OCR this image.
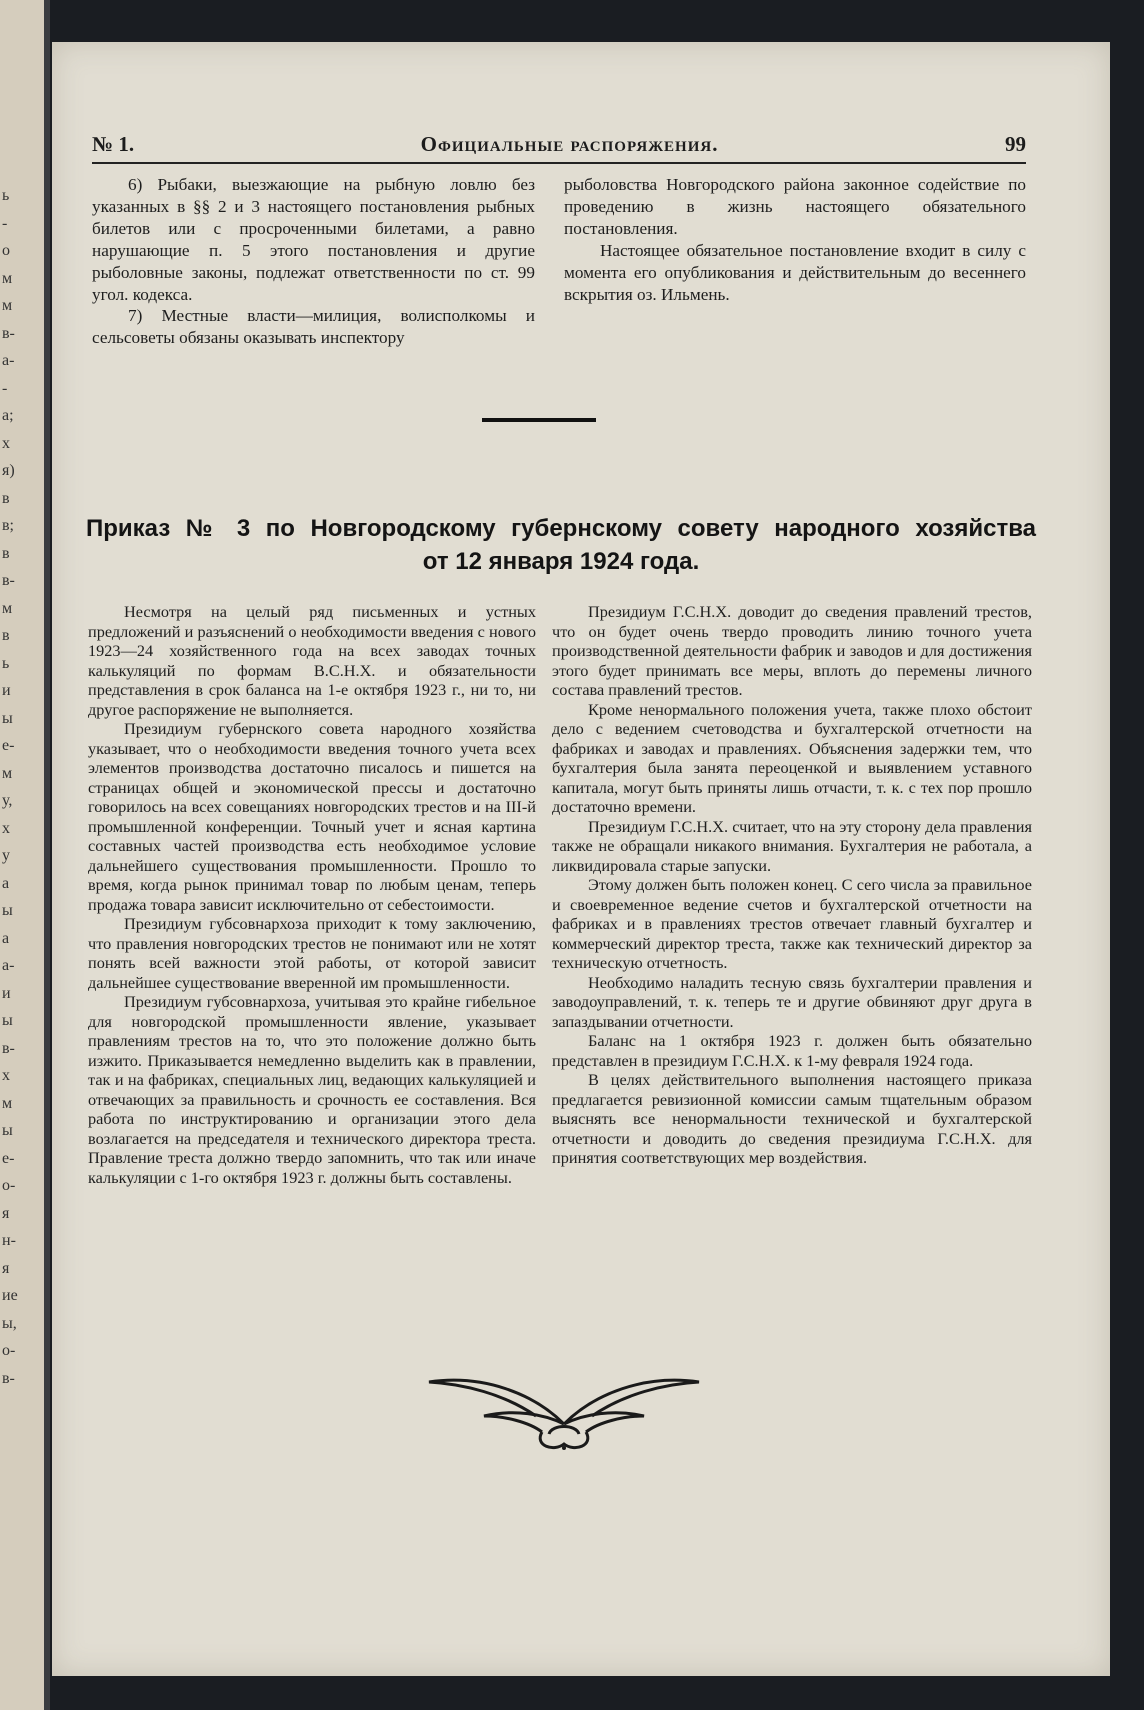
ь
-
о
м
м
в-
а-
-
а;
х
я)
в
в;
в
в-
м
в
ь
и
ы
е-
м
у,
х
у
а
ы
а
а-
и
ы
в-
х
м
ы
е-
о-
я
н-
я
ие
ы,
о-
в-
№ 1.	Официальные распоряжения.	99

6) Рыбаки, выезжающие на рыбную ловлю без указанных в §§ 2 и 3 настоящего постановления рыбных билетов или с просроченными билетами, а равно нарушающие п. 5 этого постановления и другие рыболовные законы, подлежат ответственности по ст. 99 угол. кодекса.

7) Местные власти—милиция, волисполкомы и сельсоветы обязаны оказывать инспектору

рыболовства Новгородского района законное содействие по проведению в жизнь настоящего обязательного постановления.

Настоящее обязательное постановление входит в силу с момента его опубликования и действительным до весеннего вскрытия оз. Ильмень.

Приказ № 3 по Новгородскому губернскому совету народного хозяйства
от 12 января 1924 года.

Несмотря на целый ряд письменных и устных предложений и разъяснений о необходимости введения с нового 1923—24 хозяйственного года на всех заводах точных калькуляций по формам В.С.Н.Х. и обязательности представления в срок баланса на 1-е октября 1923 г., ни то, ни другое распоряжение не выполняется.

Президиум губернского совета народного хозяйства указывает, что о необходимости введения точного учета всех элементов производства достаточно писалось и пишется на страницах общей и экономической прессы и достаточно говорилось на всех совещаниях новгородских трестов и на III-й промышленной конференции. Точный учет и ясная картина составных частей производства есть необходимое условие дальнейшего существования промышленности. Прошло то время, когда рынок принимал товар по любым ценам, теперь продажа товара зависит исключительно от себестоимости.

Президиум губсовнархоза приходит к тому заключению, что правления новгородских трестов не понимают или не хотят понять всей важности этой работы, от которой зависит дальнейшее существование вверенной им промышленности.

Президиум губсовнархоза, учитывая это крайне гибельное для новгородской промышленности явление, указывает правлениям трестов на то, что это положение должно быть изжито. Приказывается немедленно выделить как в правлении, так и на фабриках, специальных лиц, ведающих калькуляцией и отвечающих за правильность и срочность ее составления. Вся работа по инструктированию и организации этого дела возлагается на председателя и технического директора треста. Правление треста должно твердо запомнить, что так или иначе калькуляции с 1-го октября 1923 г. должны быть составлены.

Президиум Г.С.Н.Х. доводит до сведения правлений трестов, что он будет очень твердо проводить линию точного учета производственной деятельности фабрик и заводов и для достижения этого будет принимать все меры, вплоть до перемены личного состава правлений трестов.

Кроме ненормального положения учета, также плохо обстоит дело с ведением счетоводства и бухгалтерской отчетности на фабриках и заводах и правлениях. Объяснения задержки тем, что бухгалтерия была занята переоценкой и выявлением уставного капитала, могут быть приняты лишь отчасти, т. к. с тех пор прошло достаточно времени.

Президиум Г.С.Н.Х. считает, что на эту сторону дела правления также не обращали никакого внимания. Бухгалтерия не работала, а ликвидировала старые запуски.

Этому должен быть положен конец. С сего числа за правильное и своевременное ведение счетов и бухгалтерской отчетности на фабриках и в правлениях трестов отвечает главный бухгалтер и коммерческий директор треста, также как технический директор за техническую отчетность.

Необходимо наладить тесную связь бухгалтерии правления и заводоуправлений, т. к. теперь те и другие обвиняют друг друга в запаздывании отчетности.

Баланс на 1 октября 1923 г. должен быть обязательно представлен в президиум Г.С.Н.Х. к 1-му февраля 1924 года.

В целях действительного выполнения настоящего приказа предлагается ревизионной комиссии самым тщательным образом выяснять все ненормальности технической и бухгалтерской отчетности и доводить до сведения президиума Г.С.Н.Х. для принятия соответствующих мер воздействия.
